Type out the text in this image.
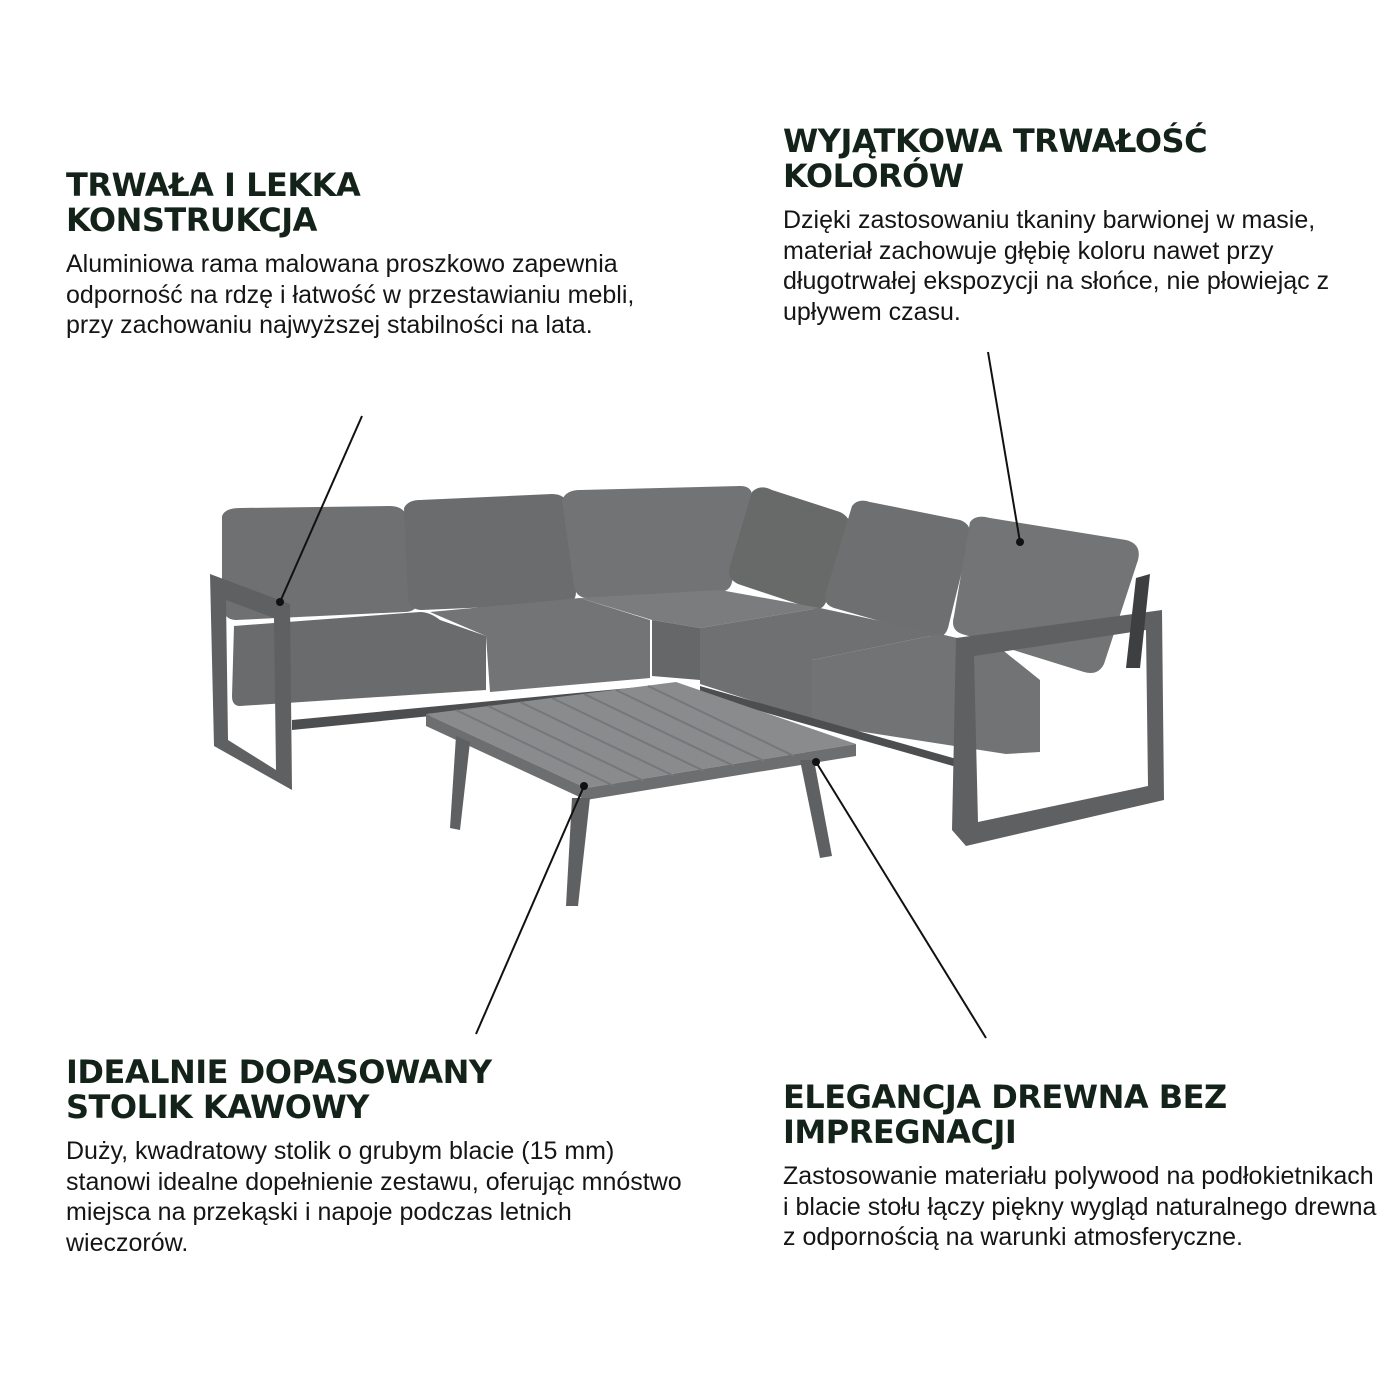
TRWAŁA I LEKKA
KONSTRUKCJA

Aluminiowa rama malowana proszkowo zapewnia odporność na rdzę i łatwość w przestawianiu mebli, przy zachowaniu najwyższej stabilności na lata.

WYJĄTKOWA TRWAŁOŚĆ
KOLORÓW

Dzięki zastosowaniu tkaniny barwionej w masie, materiał zachowuje głębię koloru nawet przy długotrwałej ekspozycji na słońce, nie płowiejąc z upływem czasu.

IDEALNIE DOPASOWANY
STOLIK KAWOWY

Duży, kwadratowy stolik o grubym blacie (15 mm) stanowi idealne dopełnienie zestawu, oferując mnóstwo miejsca na przekąski i napoje podczas letnich wieczorów.

ELEGANCJA DREWNA BEZ
IMPREGNACJI

Zastosowanie materiału polywood na podłokietnikach i blacie stołu łączy piękny wygląd naturalnego drewna z odpornością na warunki atmosferyczne.
